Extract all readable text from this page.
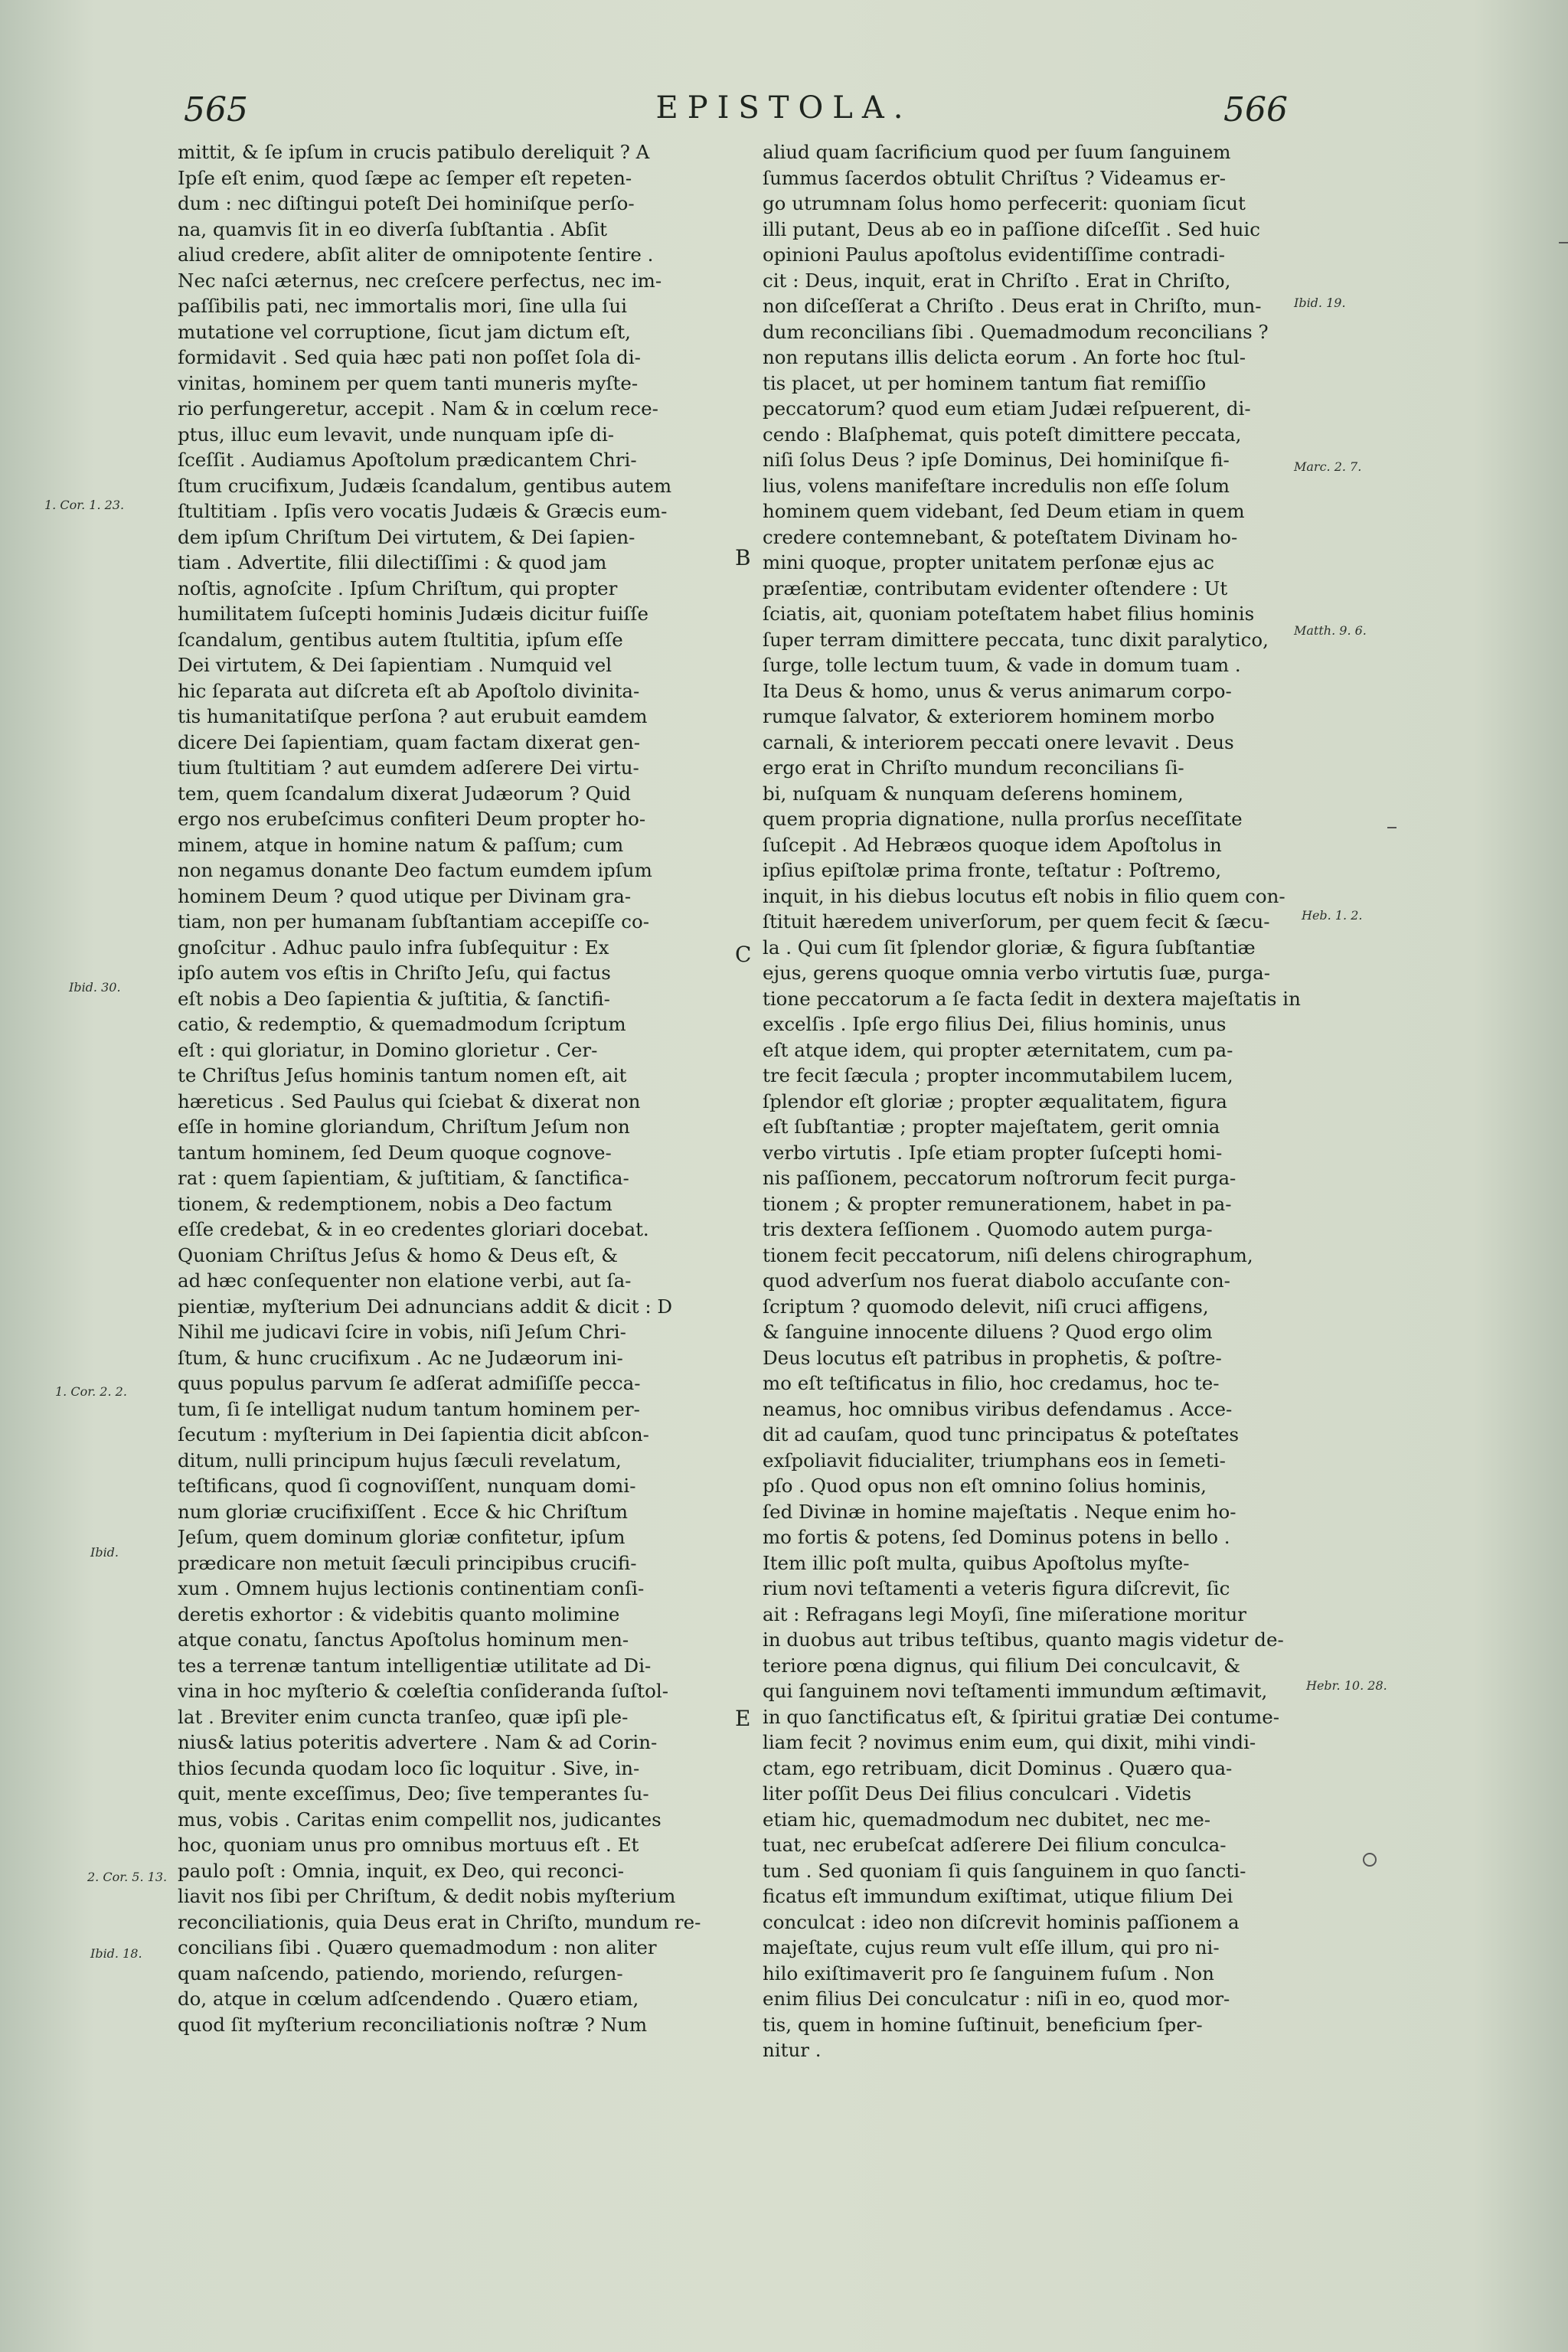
565	EPISTOLA.	566
mittit, & ſe ipſum in crucis patibulo dereliquit ? A
Ipſe eſt enim, quod ſæpe ac ſemper eſt repeten-
dum : nec diſtingui poteſt Dei hominiſque perſo-
na, quamvis ſit in eo diverſa ſubſtantia . Abſit
aliud credere, abſit aliter de omnipotente ſentire .
Nec naſci æternus, nec creſcere perfectus, nec im-
paſſibilis pati, nec immortalis mori, ſine ulla ſui
mutatione vel corruptione, ſicut jam dictum eſt,
formidavit . Sed quia hæc pati non poſſet ſola di-
vinitas, hominem per quem tanti muneris myſte-
rio perfungeretur, accepit . Nam & in cœlum rece-
ptus, illuc eum levavit, unde nunquam ipſe di-
ſceſſit . Audiamus Apoſtolum prædicantem Chri-
ſtum crucifixum, Judæis ſcandalum, gentibus autem
ſtultitiam . Ipſis vero vocatis Judæis & Græcis eum-
dem ipſum Chriſtum Dei virtutem, & Dei ſapien-
tiam . Advertite, filii dilectiſſimi : & quod jam
noſtis, agnoſcite . Ipſum Chriſtum, qui propter
humilitatem ſuſcepti hominis Judæis dicitur fuiſſe
ſcandalum, gentibus autem ſtultitia, ipſum eſſe
Dei virtutem, & Dei ſapientiam . Numquid vel
hic ſeparata aut diſcreta eſt ab Apoſtolo divinita-
tis humanitatiſque perſona ? aut erubuit eamdem
dicere Dei ſapientiam, quam factam dixerat gen-
tium ſtultitiam ? aut eumdem adſerere Dei virtu-
tem, quem ſcandalum dixerat Judæorum ? Quid
ergo nos erubeſcimus confiteri Deum propter ho-
minem, atque in homine natum & paſſum; cum
non negamus donante Deo factum eumdem ipſum
hominem Deum ? quod utique per Divinam gra-
tiam, non per humanam ſubſtantiam accepiſſe co-
gnoſcitur . Adhuc paulo infra ſubſequitur : Ex
ipſo autem vos eſtis in Chriſto Jeſu, qui factus
eſt nobis a Deo ſapientia & juſtitia, & ſanctifi-
catio, & redemptio, & quemadmodum ſcriptum
eſt : qui gloriatur, in Domino glorietur . Cer-
te Chriſtus Jeſus hominis tantum nomen eſt, ait
hæreticus . Sed Paulus qui ſciebat & dixerat non
eſſe in homine gloriandum, Chriſtum Jeſum non
tantum hominem, ſed Deum quoque cognove-
rat : quem ſapientiam, & juſtitiam, & ſanctifica-
tionem, & redemptionem, nobis a Deo factum
eſſe credebat, & in eo credentes gloriari docebat.
Quoniam Chriſtus Jeſus & homo & Deus eſt, &
ad hæc conſequenter non elatione verbi, aut ſa-
pientiæ, myſterium Dei adnuncians addit & dicit : D
Nihil me judicavi ſcire in vobis, niſi Jeſum Chri-
ſtum, & hunc crucifixum . Ac ne Judæorum ini-
quus populus parvum ſe adſerat admiſiſſe pecca-
tum, ſi ſe intelligat nudum tantum hominem per-
ſecutum : myſterium in Dei ſapientia dicit abſcon-
ditum, nulli principum hujus ſæculi revelatum,
teſtificans, quod ſi cognoviſſent, nunquam domi-
num gloriæ crucifixiſſent . Ecce & hic Chriſtum
Jeſum, quem dominum gloriæ confitetur, ipſum
prædicare non metuit ſæculi principibus crucifi-
xum . Omnem hujus lectionis continentiam conſi-
deretis exhortor : & videbitis quanto molimine
atque conatu, ſanctus Apoſtolus hominum men-
tes a terrenæ tantum intelligentiæ utilitate ad Di-
vina in hoc myſterio & cœleſtia conſideranda ſuſtol-
lat . Breviter enim cuncta tranſeo, quæ ipſi ple-
nius& latius poteritis advertere . Nam & ad Corin-
thios ſecunda quodam loco ſic loquitur . Sive, in-
quit, mente exceſſimus, Deo; ſive temperantes ſu-
mus, vobis . Caritas enim compellit nos, judicantes
hoc, quoniam unus pro omnibus mortuus eſt . Et
paulo poſt : Omnia, inquit, ex Deo, qui reconci-
liavit nos ſibi per Chriſtum, & dedit nobis myſterium
reconciliationis, quia Deus erat in Chriſto, mundum re-
concilians ſibi . Quæro quemadmodum : non aliter
quam naſcendo, patiendo, moriendo, reſurgen-
do, atque in cœlum adſcendendo . Quæro etiam,
quod ſit myſterium reconciliationis noſtræ ? Num
aliud quam ſacrificium quod per ſuum ſanguinem
ſummus ſacerdos obtulit Chriſtus ? Videamus er-
go utrumnam ſolus homo perfecerit: quoniam ſicut
illi putant, Deus ab eo in paſſione diſceſſit . Sed huic
opinioni Paulus apoſtolus evidentiſſime contradi-
cit : Deus, inquit, erat in Chriſto . Erat in Chriſto,
non diſceſſerat a Chriſto . Deus erat in Chriſto, mun-
dum reconcilians ſibi . Quemadmodum reconcilians ?
non reputans illis delicta eorum . An forte hoc ſtul-
tis placet, ut per hominem tantum fiat remiſſio
peccatorum? quod eum etiam Judæi reſpuerent, di-
cendo : Blaſphemat, quis poteſt dimittere peccata,
niſi ſolus Deus ? ipſe Dominus, Dei hominiſque fi-
lius, volens manifeſtare incredulis non eſſe ſolum
hominem quem videbant, ſed Deum etiam in quem
credere contemnebant, & poteſtatem Divinam ho-
mini quoque, propter unitatem perſonæ ejus ac
præſentiæ, contributam evidenter oſtendere : Ut
ſciatis, ait, quoniam poteſtatem habet filius hominis
ſuper terram dimittere peccata, tunc dixit paralytico,
ſurge, tolle lectum tuum, & vade in domum tuam .
Ita Deus & homo, unus & verus animarum corpo-
rumque ſalvator, & exteriorem hominem morbo
carnali, & interiorem peccati onere levavit . Deus
ergo erat in Chriſto mundum reconcilians ſi-
bi, nuſquam & nunquam deſerens hominem,
quem propria dignatione, nulla prorſus neceſſitate
ſuſcepit . Ad Hebræos quoque idem Apoſtolus in
ipſius epiſtolæ prima fronte, teſtatur : Poſtremo,
inquit, in his diebus locutus eſt nobis in filio quem con-
ſtituit hæredem univerſorum, per quem fecit & ſæcu-
la . Qui cum ſit ſplendor gloriæ, & figura ſubſtantiæ
ejus, gerens quoque omnia verbo virtutis ſuæ, purga-
tione peccatorum a ſe facta ſedit in dextera majeſtatis in
excelſis . Ipſe ergo filius Dei, filius hominis, unus
eſt atque idem, qui propter æternitatem, cum pa-
tre fecit ſæcula ; propter incommutabilem lucem,
ſplendor eſt gloriæ ; propter æqualitatem, figura
eſt ſubſtantiæ ; propter majeſtatem, gerit omnia
verbo virtutis . Ipſe etiam propter ſuſcepti homi-
nis paſſionem, peccatorum noſtrorum fecit purga-
tionem ; & propter remunerationem, habet in pa-
tris dextera ſeſſionem . Quomodo autem purga-
tionem fecit peccatorum, niſi delens chirographum,
quod adverſum nos fuerat diabolo accuſante con-
ſcriptum ? quomodo delevit, niſi cruci affigens,
& ſanguine innocente diluens ? Quod ergo olim
Deus locutus eſt patribus in prophetis, & poſtre-
mo eſt teſtificatus in filio, hoc credamus, hoc te-
neamus, hoc omnibus viribus defendamus . Acce-
dit ad cauſam, quod tunc principatus & poteſtates
exſpoliavit fiducialiter, triumphans eos in ſemeti-
pſo . Quod opus non eſt omnino ſolius hominis,
ſed Divinæ in homine majeſtatis . Neque enim ho-
mo fortis & potens, ſed Dominus potens in bello .
Item illic poſt multa, quibus Apoſtolus myſte-
rium novi teſtamenti a veteris figura diſcrevit, ſic
ait : Refragans legi Moyſi, ſine miſeratione moritur
in duobus aut tribus teſtibus, quanto magis videtur de-
teriore pœna dignus, qui filium Dei conculcavit, &
qui ſanguinem novi teſtamenti immundum æſtimavit,
in quo ſanctificatus eſt, & ſpiritui gratiæ Dei contume-
liam fecit ? novimus enim eum, qui dixit, mihi vindi-
ctam, ego retribuam, dicit Dominus . Quæro qua-
liter poſſit Deus Dei filius conculcari . Videtis
etiam hic, quemadmodum nec dubitet, nec me-
tuat, nec erubeſcat adſerere Dei filium conculca-
tum . Sed quoniam ſi quis ſanguinem in quo ſancti-
ficatus eſt immundum exiſtimat, utique filium Dei
conculcat : ideo non diſcrevit hominis paſſionem a
majeſtate, cujus reum vult eſſe illum, qui pro ni-
hilo exiſtimaverit pro ſe ſanguinem fuſum . Non
enim filius Dei conculcatur : niſi in eo, quod mor-
tis, quem in homine ſuſtinuit, beneficium ſper-
nitur .
1. Cor. 1. 23.
Ibid. 30.
1. Cor. 2. 2.
Ibid.
2. Cor. 5. 13.
Ibid. 18.
Ibid. 19.
Marc. 2. 7.
Matth. 9. 6.
Heb. 1. 2.
Hebr. 10. 28.
B
C
E
